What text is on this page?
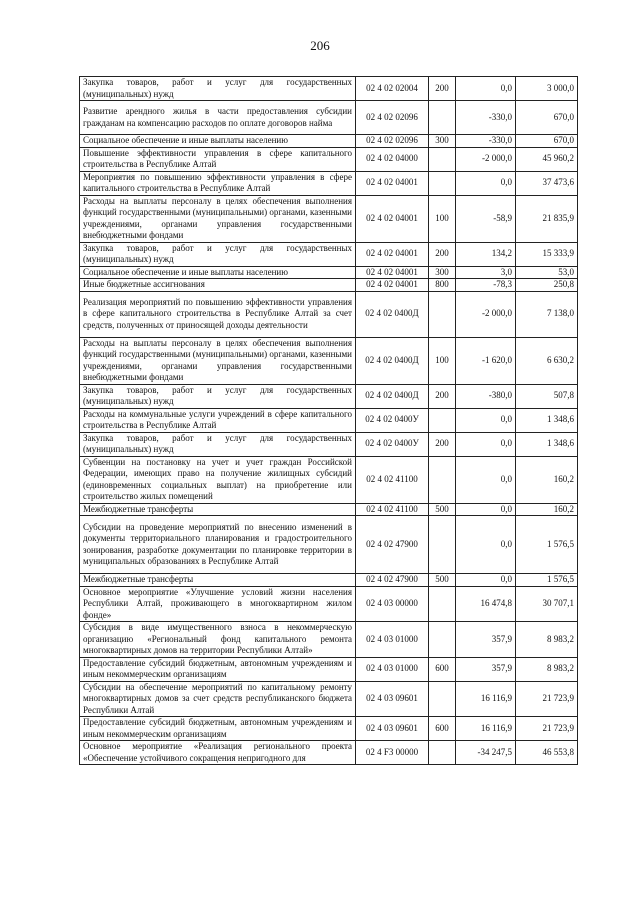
206
Закупка товаров, работ и услуг для государственных (муниципальных) нужд	02 4 02 02004	200	0,0	3 000,0
Развитие арендного жилья в части предоставления субсидии гражданам на компенсацию расходов по оплате договоров найма	02 4 02 02096		-330,0	670,0
Социальное обеспечение и иные выплаты населению	02 4 02 02096	300	-330,0	670,0
Повышение эффективности управления в сфере капитального строительства в Республике Алтай	02 4 02 04000		-2 000,0	45 960,2
Мероприятия по повышению эффективности управления в сфере капитального строительства в Республике Алтай	02 4 02 04001		0,0	37 473,6
Расходы на выплаты персоналу в целях обеспечения выполнения функций государственными (муниципальными) органами, казенными учреждениями, органами управления государственными внебюджетными фондами	02 4 02 04001	100	-58,9	21 835,9
Закупка товаров, работ и услуг для государственных (муниципальных) нужд	02 4 02 04001	200	134,2	15 333,9
Социальное обеспечение и иные выплаты населению	02 4 02 04001	300	3,0	53,0
Иные бюджетные ассигнования	02 4 02 04001	800	-78,3	250,8
Реализация мероприятий по повышению эффективности управления в сфере капитального строительства в Республике Алтай за счет средств, полученных от приносящей доходы деятельности	02 4 02 0400Д		-2 000,0	7 138,0
Расходы на выплаты персоналу в целях обеспечения выполнения функций государственными (муниципальными) органами, казенными учреждениями, органами управления государственными внебюджетными фондами	02 4 02 0400Д	100	-1 620,0	6 630,2
Закупка товаров, работ и услуг для государственных (муниципальных) нужд	02 4 02 0400Д	200	-380,0	507,8
Расходы на коммунальные услуги учреждений в сфере капитального строительства в Республике Алтай	02 4 02 0400У		0,0	1 348,6
Закупка товаров, работ и услуг для государственных (муниципальных) нужд	02 4 02 0400У	200	0,0	1 348,6
Субвенции на постановку на учет и учет граждан Российской Федерации, имеющих право на получение жилищных субсидий (единовременных социальных выплат) на приобретение или строительство жилых помещений	02 4 02 41100		0,0	160,2
Межбюджетные трансферты	02 4 02 41100	500	0,0	160,2
Субсидии на проведение мероприятий по внесению изменений в документы территориального планирования и градостроительного зонирования, разработке документации по планировке территории в муниципальных образованиях в Республике Алтай	02 4 02 47900		0,0	1 576,5
Межбюджетные трансферты	02 4 02 47900	500	0,0	1 576,5
Основное мероприятие «Улучшение условий жизни населения Республики Алтай, проживающего в многоквартирном жилом фонде»	02 4 03 00000		16 474,8	30 707,1
Субсидия в виде имущественного взноса в некоммерческую организацию «Региональный фонд капитального ремонта многоквартирных домов на территории Республики Алтай»	02 4 03 01000		357,9	8 983,2
Предоставление субсидий бюджетным, автономным учреждениям и иным некоммерческим организациям	02 4 03 01000	600	357,9	8 983,2
Субсидии на обеспечение мероприятий по капитальному ремонту многоквартирных домов за счет средств республиканского бюджета Республики Алтай	02 4 03 09601		16 116,9	21 723,9
Предоставление субсидий бюджетным, автономным учреждениям и иным некоммерческим организациям	02 4 03 09601	600	16 116,9	21 723,9
Основное мероприятие «Реализация регионального проекта «Обеспечение устойчивого сокращения непригодного для	02 4 F3 00000		-34 247,5	46 553,8
